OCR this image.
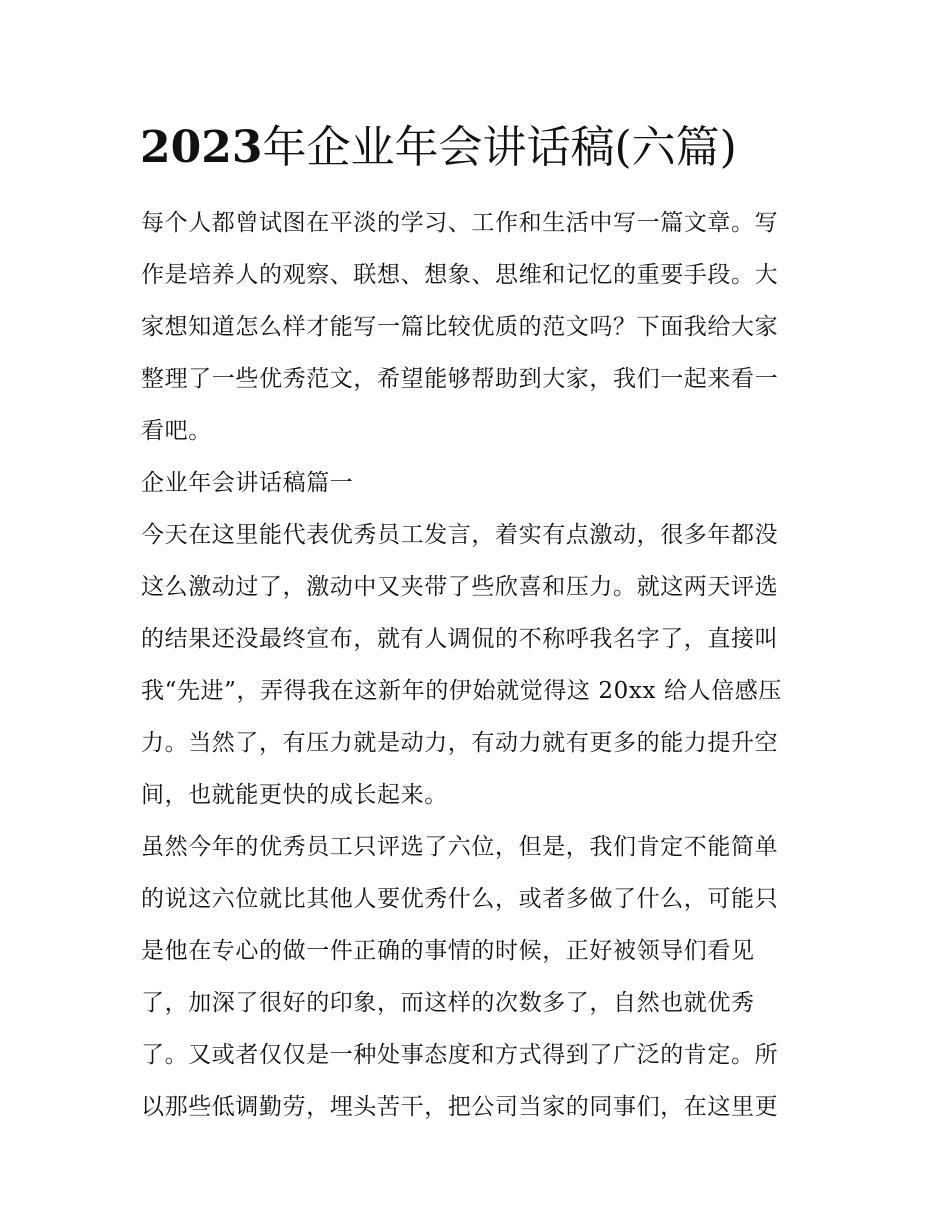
2023年企业年会讲话稿(六篇)
每个人都曾试图在平淡的学习、工作和生活中写一篇文章。写
作是培养人的观察、联想、想象、思维和记忆的重要手段。大
家想知道怎么样才能写一篇比较优质的范文吗？下面我给大家
整理了一些优秀范文，希望能够帮助到大家，我们一起来看一
看吧。
企业年会讲话稿篇一
今天在这里能代表优秀员工发言，着实有点激动，很多年都没
这么激动过了，激动中又夹带了些欣喜和压力。就这两天评选
的结果还没最终宣布，就有人调侃的不称呼我名字了，直接叫
我“先进”，弄得我在这新年的伊始就觉得这 20xx 给人倍感压
力。当然了，有压力就是动力，有动力就有更多的能力提升空
间，也就能更快的成长起来。
虽然今年的优秀员工只评选了六位，但是，我们肯定不能简单
的说这六位就比其他人要优秀什么，或者多做了什么，可能只
是他在专心的做一件正确的事情的时候，正好被领导们看见
了，加深了很好的印象，而这样的次数多了，自然也就优秀
了。又或者仅仅是一种处事态度和方式得到了广泛的肯定。所
以那些低调勤劳，埋头苦干，把公司当家的同事们，在这里更
